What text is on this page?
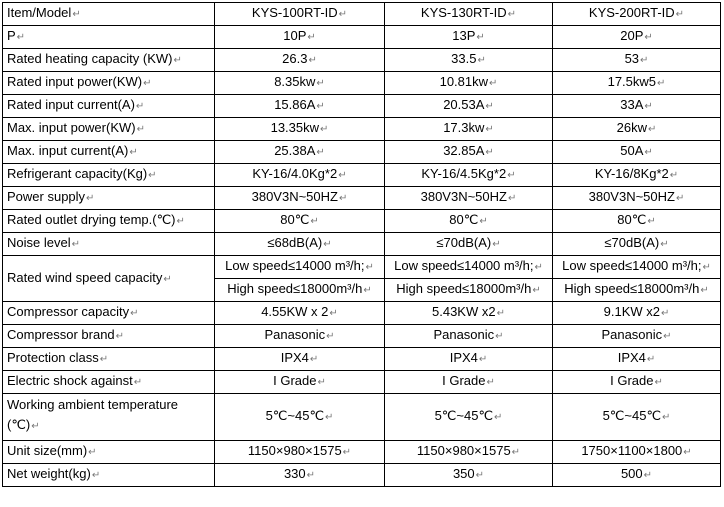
Item/Model↵	KYS-100RT-ID↵	KYS-130RT-ID↵	KYS-200RT-ID↵
P↵	10P↵	13P↵	20P↵
Rated heating capacity (KW)↵	26.3↵	33.5↵	53↵
Rated input power(KW)↵	8.35kw↵	10.81kw↵	17.5kw5↵
Rated input current(A)↵	15.86A↵	20.53A↵	33A↵
Max. input power(KW)↵	13.35kw↵	17.3kw↵	26kw↵
Max. input current(A)↵	25.38A↵	32.85A↵	50A↵
Refrigerant capacity(Kg)↵	KY-16/4.0Kg*2↵	KY-16/4.5Kg*2↵	KY-16/8Kg*2↵
Power supply↵	380V3N~50HZ↵	380V3N~50HZ↵	380V3N~50HZ↵
Rated outlet drying temp.(℃)↵	80℃↵	80℃↵	80℃↵
Noise level↵	≤68dB(A)↵	≤70dB(A)↵	≤70dB(A)↵
Rated wind speed capacity↵	Low speed≤14000 m³/h;↵	Low speed≤14000 m³/h;↵	Low speed≤14000 m³/h;↵
	High speed≤18000m³/h↵	High speed≤18000m³/h↵	High speed≤18000m³/h↵
Compressor capacity↵	4.55KW x 2↵	5.43KW x2↵	9.1KW x2↵
Compressor brand↵	Panasonic↵	Panasonic↵	Panasonic↵
Protection class↵	IPX4↵	IPX4↵	IPX4↵
Electric shock against↵	I Grade↵	I Grade↵	I Grade↵
Working ambient temperature
(℃)↵	5℃~45℃↵	5℃~45℃↵	5℃~45℃↵
Unit size(mm)↵	1150×980×1575↵	1150×980×1575↵	1750×1100×1800↵
Net weight(kg)↵	330↵	350↵	500↵
